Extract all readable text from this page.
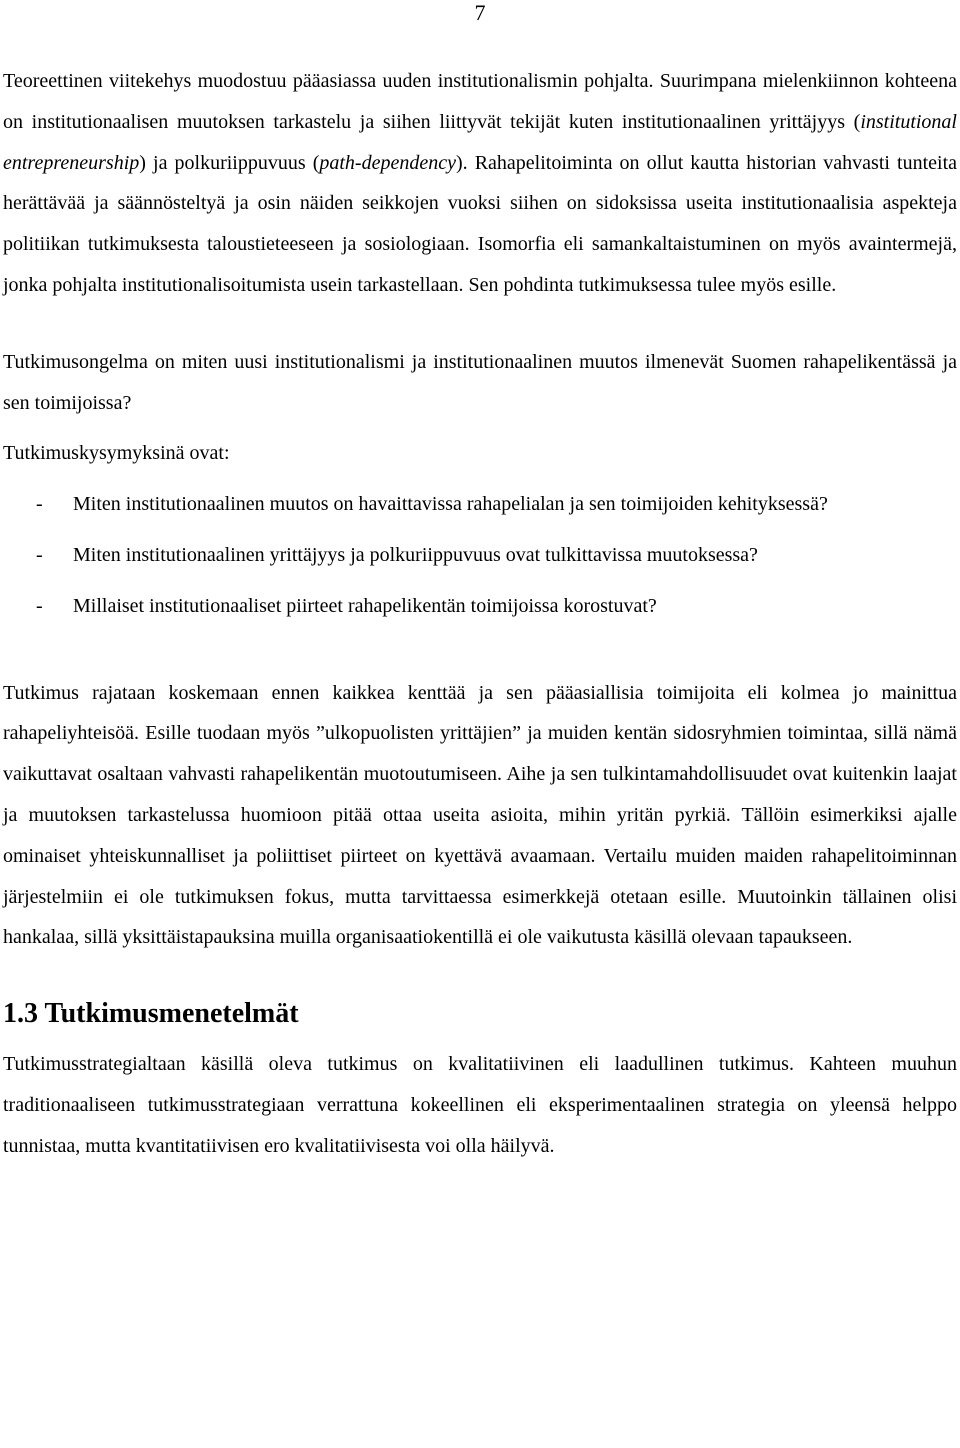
7

Teoreettinen viitekehys muodostuu pääasiassa uuden institutionalismin pohjalta. Suurimpana mielenkiinnon kohteena on institutionaalisen muutoksen tarkastelu ja siihen liittyvät tekijät kuten institutionaalinen yrittäjyys (institutional entrepreneurship) ja polkuriippuvuus (path-dependency). Rahapelitoiminta on ollut kautta historian vahvasti tunteita herättävää ja säännösteltyä ja osin näiden seikkojen vuoksi siihen on sidoksissa useita institutionaalisia aspekteja politiikan tutkimuksesta taloustieteeseen ja sosiologiaan. Isomorfia eli samankaltaistuminen on myös avaintermejä, jonka pohjalta institutionalisoitumista usein tarkastellaan. Sen pohdinta tutkimuksessa tulee myös esille.

Tutkimusongelma on miten uusi institutionalismi ja institutionaalinen muutos ilmenevät Suomen rahapelikentässä ja sen toimijoissa?

Tutkimuskysymyksinä ovat:

- Miten institutionaalinen muutos on havaittavissa rahapelialan ja sen toimijoiden kehityksessä?
- Miten institutionaalinen yrittäjyys ja polkuriippuvuus ovat tulkittavissa muutoksessa?
- Millaiset institutionaaliset piirteet rahapelikentän toimijoissa korostuvat?

Tutkimus rajataan koskemaan ennen kaikkea kenttää ja sen pääasiallisia toimijoita eli kolmea jo mainittua rahapeliyhteisöä. Esille tuodaan myös ”ulkopuolisten yrittäjien” ja muiden kentän sidosryhmien toimintaa, sillä nämä vaikuttavat osaltaan vahvasti rahapelikentän muotoutumiseen. Aihe ja sen tulkintamahdollisuudet ovat kuitenkin laajat ja muutoksen tarkastelussa huomioon pitää ottaa useita asioita, mihin yritän pyrkiä. Tällöin esimerkiksi ajalle ominaiset yhteiskunnalliset ja poliittiset piirteet on kyettävä avaamaan. Vertailu muiden maiden rahapelitoiminnan järjestelmiin ei ole tutkimuksen fokus, mutta tarvittaessa esimerkkejä otetaan esille. Muutoinkin tällainen olisi hankalaa, sillä yksittäistapauksina muilla organisaatiokentillä ei ole vaikutusta käsillä olevaan tapaukseen.

1.3 Tutkimusmenetelmät

Tutkimusstrategialtaan käsillä oleva tutkimus on kvalitatiivinen eli laadullinen tutkimus. Kahteen muuhun traditionaaliseen tutkimusstrategiaan verrattuna kokeellinen eli eksperimentaalinen strategia on yleensä helppo tunnistaa, mutta kvantitatiivisen ero kvalitatiivisesta voi olla häilyvä.
